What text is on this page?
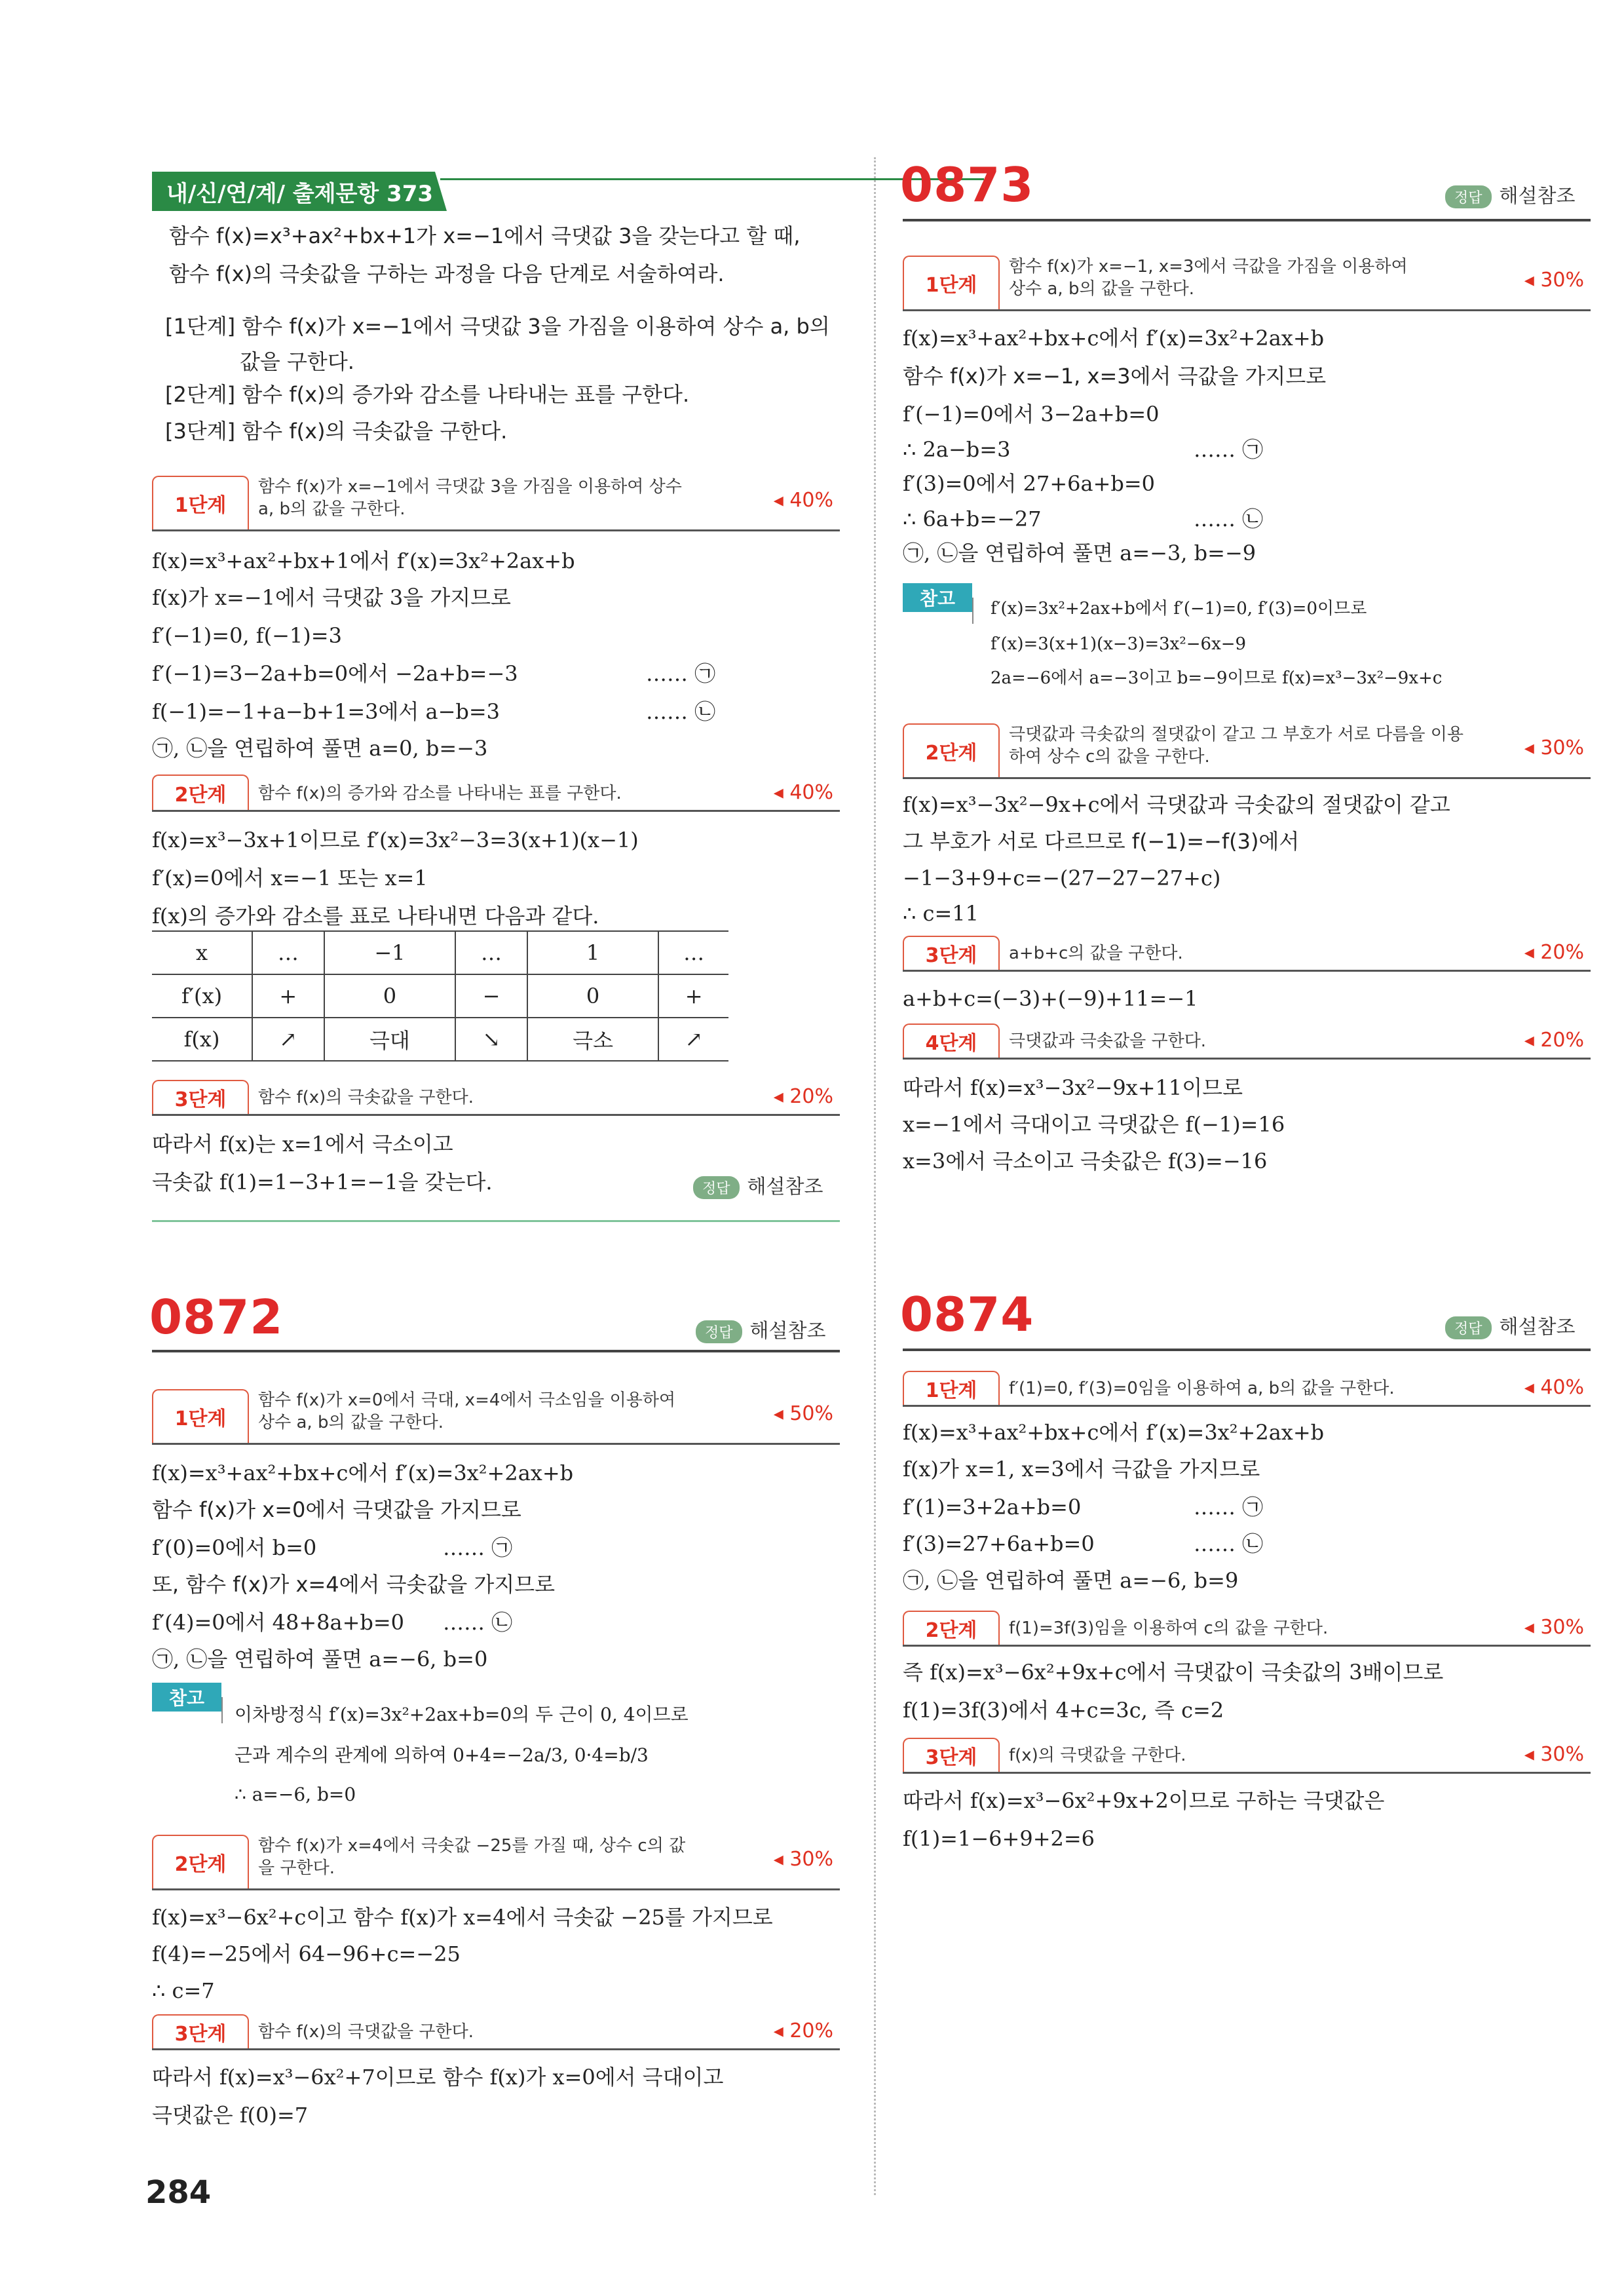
내/신/연/계/ 출제문항 373
함수 f(x)=x³+ax²+bx+1가 x=−1에서 극댓값 3을 갖는다고 할 때,
함수 f(x)의 극솟값을 구하는 과정을 다음 단계로 서술하여라.
[1단계] 함수 f(x)가 x=−1에서 극댓값 3을 가짐을 이용하여 상수 a, b의
값을 구한다.
[2단계] 함수 f(x)의 증가와 감소를 나타내는 표를 구한다.
[3단계] 함수 f(x)의 극솟값을 구한다.
1단계
함수 f(x)가 x=−1에서 극댓값 3을 가짐을 이용하여 상수
a, b의 값을 구한다.	◂ 40%
f(x)=x³+ax²+bx+1에서 f′(x)=3x²+2ax+b
f(x)가 x=−1에서 극댓값 3을 가지므로
f′(−1)=0, f(−1)=3
f′(−1)=3−2a+b=0에서 −2a+b=−3
f(−1)=−1+a−b+1=3에서 a−b=3
㉠, ㉡을 연립하여 풀면 a=0, b=−3
…… ㉠
…… ㉡
2단계	함수 f(x)의 증가와 감소를 나타내는 표를 구한다.	◂ 40%
f(x)=x³−3x+1이므로 f′(x)=3x²−3=3(x+1)(x−1)
f′(x)=0에서 x=−1 또는 x=1
f(x)의 증가와 감소를 표로 나타내면 다음과 같다.
x	…	−1	…	1	…
f′(x)	+	0	−	0	+
f(x)	↗	극대	↘	극소	↗
3단계	함수 f(x)의 극솟값을 구한다.	◂ 20%
따라서 f(x)는 x=1에서 극소이고
극솟값 f(1)=1−3+1=−1을 갖는다.	정답 해설참조
0872	정답 해설참조
1단계
함수 f(x)가 x=0에서 극대, x=4에서 극소임을 이용하여
상수 a, b의 값을 구한다.	◂ 50%
f(x)=x³+ax²+bx+c에서 f′(x)=3x²+2ax+b
함수 f(x)가 x=0에서 극댓값을 가지므로
f′(0)=0에서 b=0
또, 함수 f(x)가 x=4에서 극솟값을 가지므로
f′(4)=0에서 48+8a+b=0
㉠, ㉡을 연립하여 풀면 a=−6, b=0
…… ㉠
…… ㉡
참고
이차방정식 f′(x)=3x²+2ax+b=0의 두 근이 0, 4이므로
근과 계수의 관계에 의하여 0+4=−2a/3, 0·4=b/3
∴ a=−6, b=0
2단계
함수 f(x)가 x=4에서 극솟값 −25를 가질 때, 상수 c의 값
을 구한다.	◂ 30%
f(x)=x³−6x²+c이고 함수 f(x)가 x=4에서 극솟값 −25를 가지므로
f(4)=−25에서 64−96+c=−25
∴ c=7
3단계	함수 f(x)의 극댓값을 구한다.	◂ 20%
따라서 f(x)=x³−6x²+7이므로 함수 f(x)가 x=0에서 극대이고
극댓값은 f(0)=7
0873	정답 해설참조
1단계
함수 f(x)가 x=−1, x=3에서 극값을 가짐을 이용하여
상수 a, b의 값을 구한다.	◂ 30%
f(x)=x³+ax²+bx+c에서 f′(x)=3x²+2ax+b
함수 f(x)가 x=−1, x=3에서 극값을 가지므로
f′(−1)=0에서 3−2a+b=0
∴ 2a−b=3
f′(3)=0에서 27+6a+b=0
∴ 6a+b=−27
㉠, ㉡을 연립하여 풀면 a=−3, b=−9
…… ㉠
…… ㉡
참고	f′(x)=3x²+2ax+b에서 f′(−1)=0, f′(3)=0이므로
f′(x)=3(x+1)(x−3)=3x²−6x−9
2a=−6에서 a=−3이고 b=−9이므로 f(x)=x³−3x²−9x+c
2단계
극댓값과 극솟값의 절댓값이 같고 그 부호가 서로 다름을 이용
하여 상수 c의 값을 구한다.	◂ 30%
f(x)=x³−3x²−9x+c에서 극댓값과 극솟값의 절댓값이 같고
그 부호가 서로 다르므로 f(−1)=−f(3)에서
−1−3+9+c=−(27−27−27+c)
∴ c=11
3단계	a+b+c의 값을 구한다.	◂ 20%
a+b+c=(−3)+(−9)+11=−1
4단계	극댓값과 극솟값을 구한다.	◂ 20%
따라서 f(x)=x³−3x²−9x+11이므로
x=−1에서 극대이고 극댓값은 f(−1)=16
x=3에서 극소이고 극솟값은 f(3)=−16
0874	정답 해설참조
1단계	f′(1)=0, f′(3)=0임을 이용하여 a, b의 값을 구한다.	◂ 40%
f(x)=x³+ax²+bx+c에서 f′(x)=3x²+2ax+b
f(x)가 x=1, x=3에서 극값을 가지므로
f′(1)=3+2a+b=0
f′(3)=27+6a+b=0
㉠, ㉡을 연립하여 풀면 a=−6, b=9
…… ㉠
…… ㉡
2단계	f(1)=3f(3)임을 이용하여 c의 값을 구한다.	◂ 30%
즉 f(x)=x³−6x²+9x+c에서 극댓값이 극솟값의 3배이므로
f(1)=3f(3)에서 4+c=3c, 즉 c=2
3단계	f(x)의 극댓값을 구한다.	◂ 30%
따라서 f(x)=x³−6x²+9x+2이므로 구하는 극댓값은
f(1)=1−6+9+2=6
284
